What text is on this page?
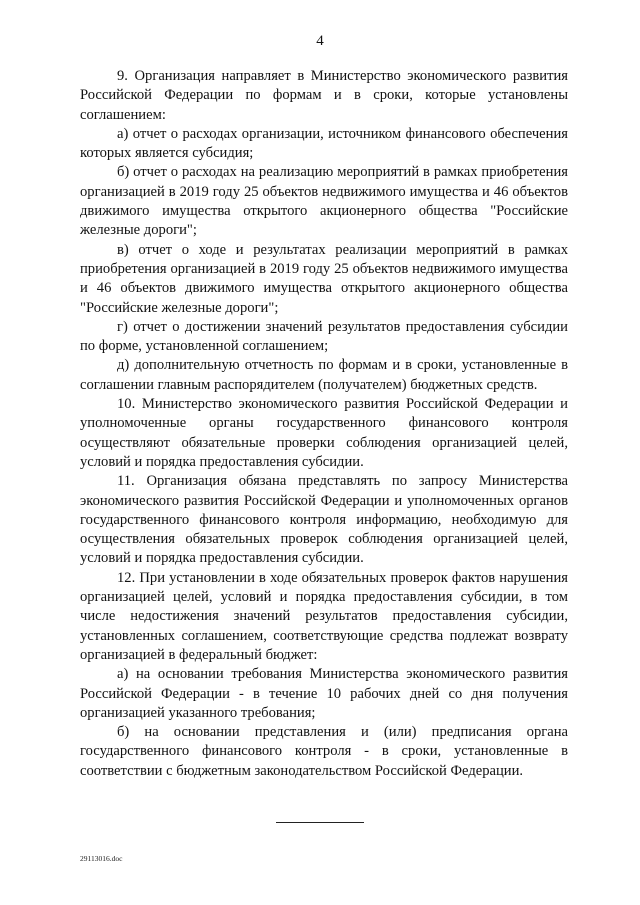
4

9. Организация направляет в Министерство экономического развития Российской Федерации по формам и в сроки, которые установлены соглашением:

а) отчет о расходах организации, источником финансового обеспечения которых является субсидия;

б) отчет о расходах на реализацию мероприятий в рамках приобретения организацией в 2019 году 25 объектов недвижимого имущества и 46 объектов движимого имущества открытого акционерного общества "Российские железные дороги";

в) отчет о ходе и результатах реализации мероприятий в рамках приобретения организацией в 2019 году 25 объектов недвижимого имущества и 46 объектов движимого имущества открытого акционерного общества "Российские железные дороги";

г) отчет о достижении значений результатов предоставления субсидии по форме, установленной соглашением;

д) дополнительную отчетность по формам и в сроки, установленные в соглашении главным распорядителем (получателем) бюджетных средств.

10. Министерство экономического развития Российской Федерации и уполномоченные органы государственного финансового контроля осуществляют обязательные проверки соблюдения организацией целей, условий и порядка предоставления субсидии.

11. Организация обязана представлять по запросу Министерства экономического развития Российской Федерации и уполномоченных органов государственного финансового контроля информацию, необходимую для осуществления обязательных проверок соблюдения организацией целей, условий и порядка предоставления субсидии.

12. При установлении в ходе обязательных проверок фактов нарушения организацией целей, условий и порядка предоставления субсидии, в том числе недостижения значений результатов предоставления субсидии, установленных соглашением, соответствующие средства подлежат возврату организацией в федеральный бюджет:

а) на основании требования Министерства экономического развития Российской Федерации - в течение 10 рабочих дней со дня получения организацией указанного требования;

б) на основании представления и (или) предписания органа государственного финансового контроля - в сроки, установленные в соответствии с бюджетным законодательством Российской Федерации.

29113016.doc
